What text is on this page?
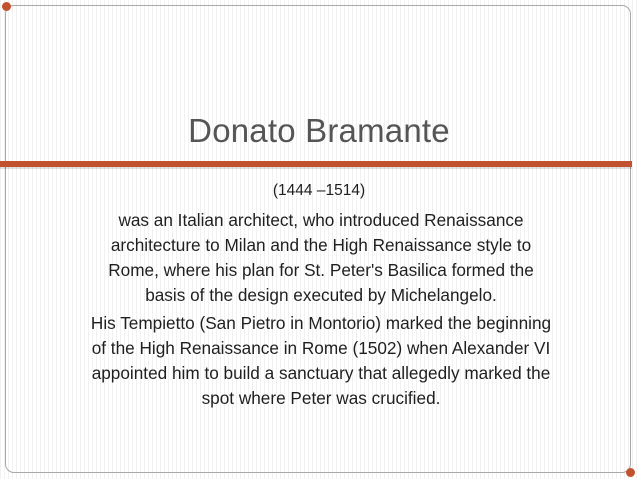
Donato Bramante
(1444 –1514)
was an Italian architect, who introduced Renaissance
architecture to Milan and the High Renaissance style to
Rome, where his plan for St. Peter's Basilica formed the
basis of the design executed by Michelangelo.
His Tempietto (San Pietro in Montorio) marked the beginning
of the High Renaissance in Rome (1502) when Alexander VI
appointed him to build a sanctuary that allegedly marked the
spot where Peter was crucified.
